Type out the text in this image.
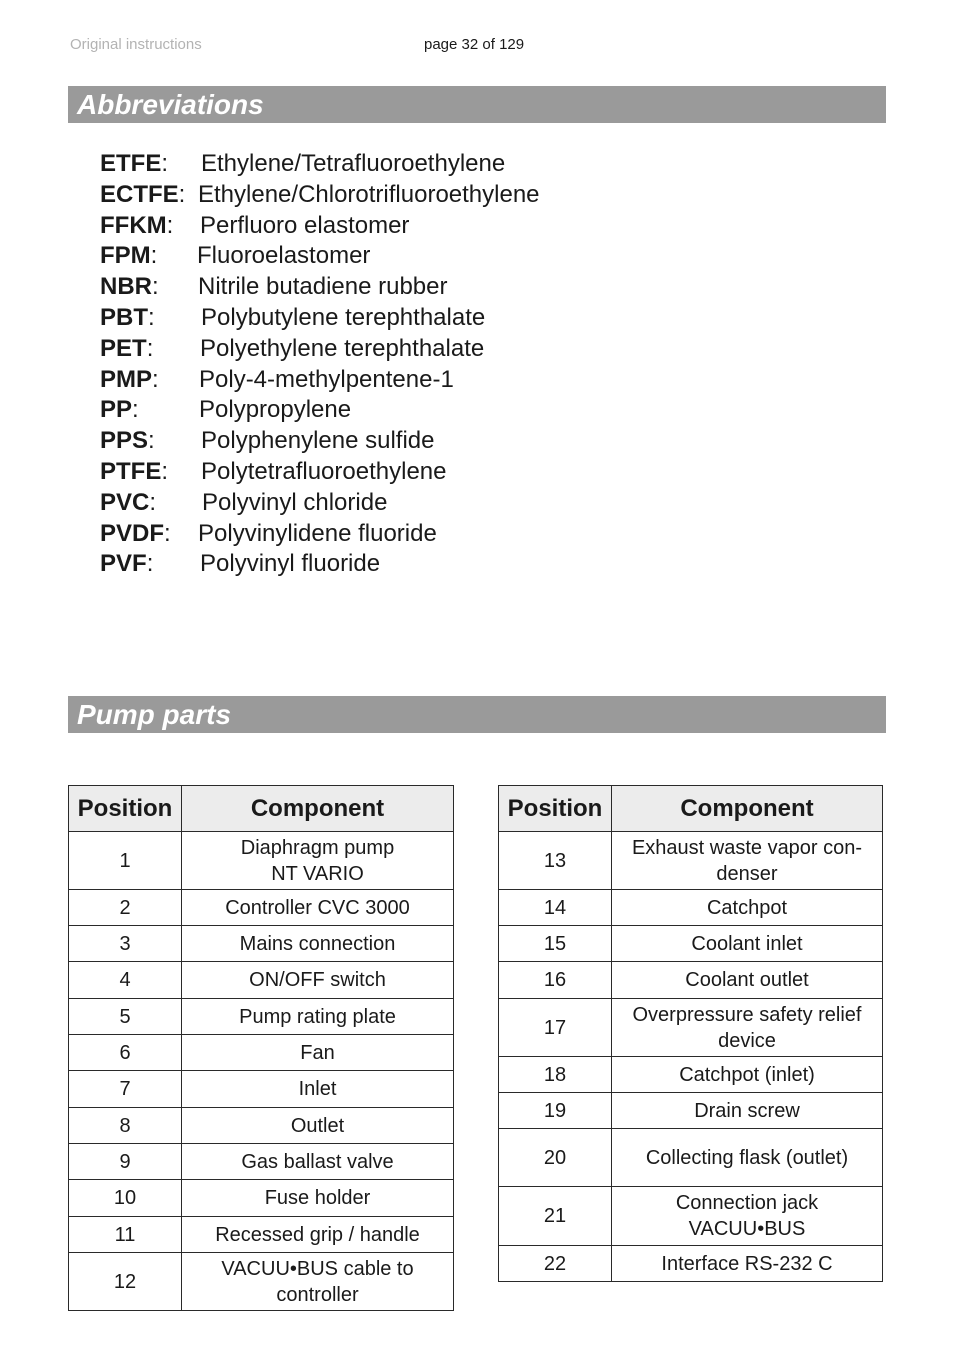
Original instructions	page 32 of 129
Abbreviations
ETFE: Ethylene/Tetrafluoroethylene
ECTFE: Ethylene/Chlorotrifluoroethylene
FFKM: Perfluoro elastomer
FPM: Fluoroelastomer
NBR: Nitrile butadiene rubber
PBT: Polybutylene terephthalate
PET: Polyethylene terephthalate
PMP: Poly-4-methylpentene-1
PP:	Polypropylene
PPS: Polyphenylene sulfide
PTFE: Polytetrafluoroethylene
PVC: Polyvinyl chloride
PVDF: Polyvinylidene fluoride
PVF: Polyvinyl fluoride
Pump parts
Position	Component
1	Diaphragm pump
NT VARIO
2	Controller CVC 3000
3	Mains connection
4	ON/OFF switch
5	Pump rating plate
6	Fan
7	Inlet
8	Outlet
9	Gas ballast valve
10	Fuse holder
11	Recessed grip / handle
12	VACUU•BUS cable to
controller
Position	Component
13	Exhaust waste vapor con-
denser
14	Catchpot
15	Coolant inlet
16	Coolant outlet
17	Overpressure safety relief
device
18	Catchpot (inlet)
19	Drain screw
20	Collecting flask (outlet)
21	Connection jack
VACUU•BUS
22	Interface RS-232 C
